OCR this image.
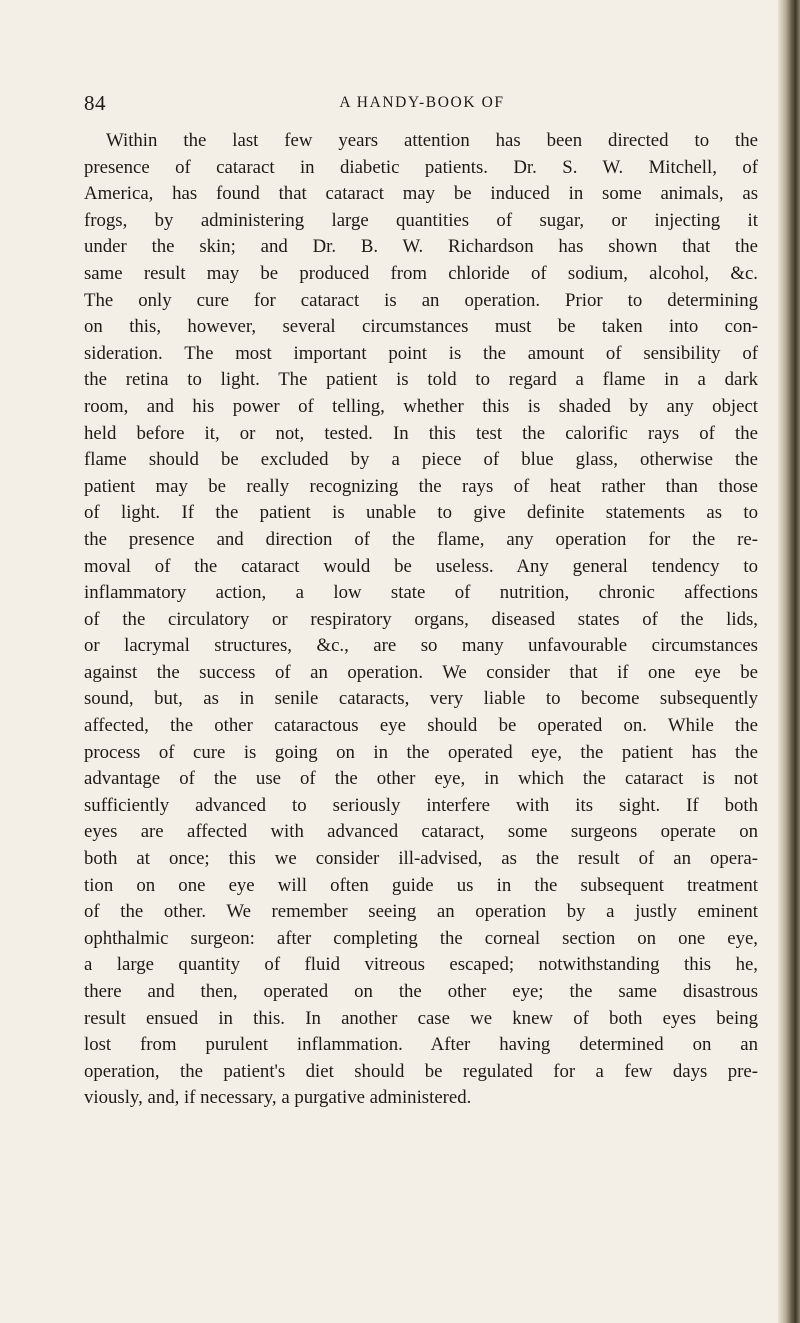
84	A HANDY-BOOK OF
Within the last few years attention has been directed to the
presence of cataract in diabetic patients. Dr. S. W. Mitchell, of
America, has found that cataract may be induced in some animals, as
frogs, by administering large quantities of sugar, or injecting it
under the skin; and Dr. B. W. Richardson has shown that the
same result may be produced from chloride of sodium, alcohol, &c.
The only cure for cataract is an operation. Prior to determining
on this, however, several circumstances must be taken into con-
sideration. The most important point is the amount of sensibility of
the retina to light. The patient is told to regard a flame in a dark
room, and his power of telling, whether this is shaded by any object
held before it, or not, tested. In this test the calorific rays of the
flame should be excluded by a piece of blue glass, otherwise the
patient may be really recognizing the rays of heat rather than those
of light. If the patient is unable to give definite statements as to
the presence and direction of the flame, any operation for the re-
moval of the cataract would be useless. Any general tendency to
inflammatory action, a low state of nutrition, chronic affections
of the circulatory or respiratory organs, diseased states of the lids,
or lacrymal structures, &c., are so many unfavourable circumstances
against the success of an operation. We consider that if one eye be
sound, but, as in senile cataracts, very liable to become subsequently
affected, the other cataractous eye should be operated on. While the
process of cure is going on in the operated eye, the patient has the
advantage of the use of the other eye, in which the cataract is not
sufficiently advanced to seriously interfere with its sight. If both
eyes are affected with advanced cataract, some surgeons operate on
both at once; this we consider ill-advised, as the result of an opera-
tion on one eye will often guide us in the subsequent treatment
of the other. We remember seeing an operation by a justly eminent
ophthalmic surgeon: after completing the corneal section on one eye,
a large quantity of fluid vitreous escaped; notwithstanding this he,
there and then, operated on the other eye; the same disastrous
result ensued in this. In another case we knew of both eyes being
lost from purulent inflammation. After having determined on an
operation, the patient's diet should be regulated for a few days pre-
viously, and, if necessary, a purgative administered.
